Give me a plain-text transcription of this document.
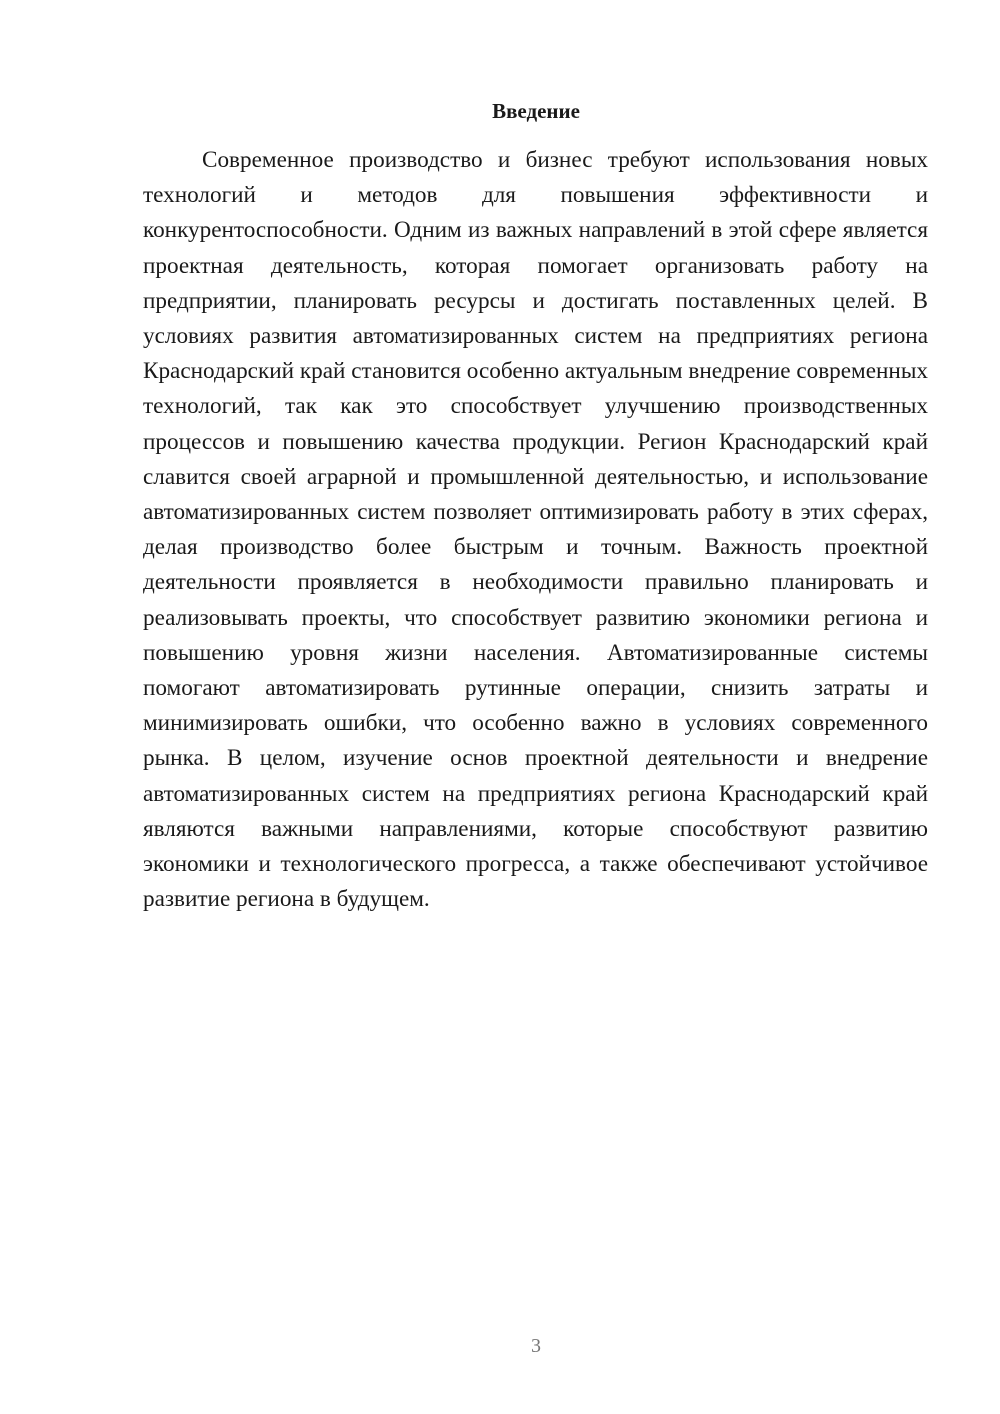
Введение

Современное производство и бизнес требуют использования новых технологий и методов для повышения эффективности и конкурентоспособности. Одним из важных направлений в этой сфере является проектная деятельность, которая помогает организовать работу на предприятии, планировать ресурсы и достигать поставленных целей. В условиях развития автоматизированных систем на предприятиях региона Краснодарский край становится особенно актуальным внедрение современных технологий, так как это способствует улучшению производственных процессов и повышению качества продукции. Регион Краснодарский край славится своей аграрной и промышленной деятельностью, и использование автоматизированных систем позволяет оптимизировать работу в этих сферах, делая производство более быстрым и точным. Важность проектной деятельности проявляется в необходимости правильно планировать и реализовывать проекты, что способствует развитию экономики региона и повышению уровня жизни населения. Автоматизированные системы помогают автоматизировать рутинные операции, снизить затраты и минимизировать ошибки, что особенно важно в условиях современного рынка. В целом, изучение основ проектной деятельности и внедрение автоматизированных систем на предприятиях региона Краснодарский край являются важными направлениями, которые способствуют развитию экономики и технологического прогресса, а также обеспечивают устойчивое развитие региона в будущем.

3
